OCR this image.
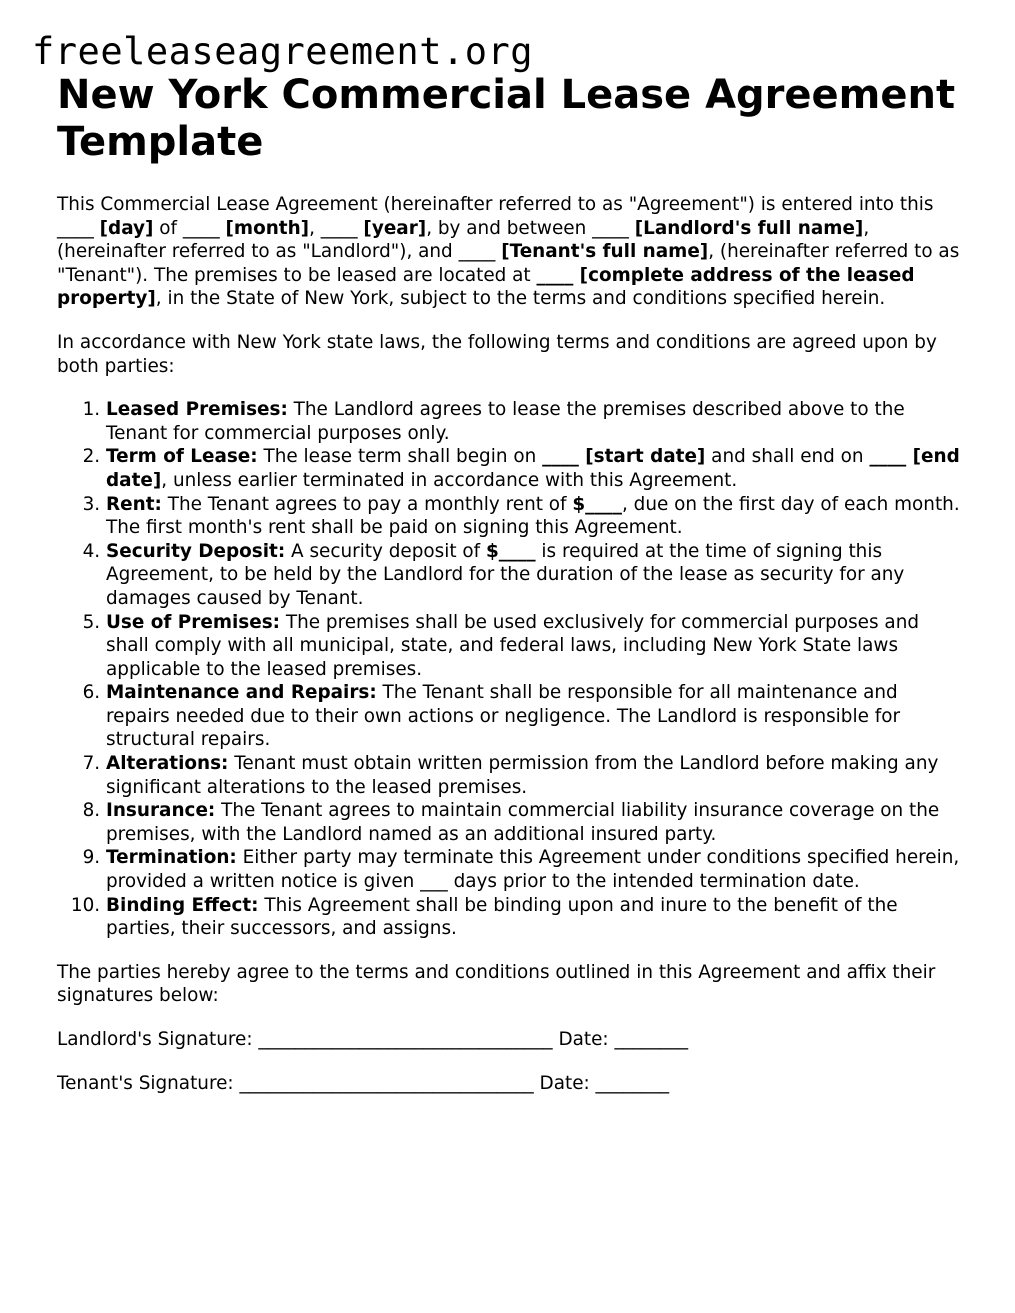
freeleaseagreement.org
New York Commercial Lease Agreement Template

This Commercial Lease Agreement (hereinafter referred to as "Agreement") is entered into this ____ [day] of ____ [month], ____ [year], by and between ____ [Landlord's full name], (hereinafter referred to as "Landlord"), and ____ [Tenant's full name], (hereinafter referred to as "Tenant"). The premises to be leased are located at ____ [complete address of the leased property], in the State of New York, subject to the terms and conditions specified herein.

In accordance with New York state laws, the following terms and conditions are agreed upon by both parties:

1. Leased Premises: The Landlord agrees to lease the premises described above to the Tenant for commercial purposes only.
2. Term of Lease: The lease term shall begin on ____ [start date] and shall end on ____ [end date], unless earlier terminated in accordance with this Agreement.
3. Rent: The Tenant agrees to pay a monthly rent of $____, due on the first day of each month. The first month's rent shall be paid on signing this Agreement.
4. Security Deposit: A security deposit of $____ is required at the time of signing this Agreement, to be held by the Landlord for the duration of the lease as security for any damages caused by Tenant.
5. Use of Premises: The premises shall be used exclusively for commercial purposes and shall comply with all municipal, state, and federal laws, including New York State laws applicable to the leased premises.
6. Maintenance and Repairs: The Tenant shall be responsible for all maintenance and repairs needed due to their own actions or negligence. The Landlord is responsible for structural repairs.
7. Alterations: Tenant must obtain written permission from the Landlord before making any significant alterations to the leased premises.
8. Insurance: The Tenant agrees to maintain commercial liability insurance coverage on the premises, with the Landlord named as an additional insured party.
9. Termination: Either party may terminate this Agreement under conditions specified herein, provided a written notice is given ___ days prior to the intended termination date.
10. Binding Effect: This Agreement shall be binding upon and inure to the benefit of the parties, their successors, and assigns.

The parties hereby agree to the terms and conditions outlined in this Agreement and affix their signatures below:

Landlord's Signature: ________________________________ Date: ________

Tenant's Signature: ________________________________ Date: ________
